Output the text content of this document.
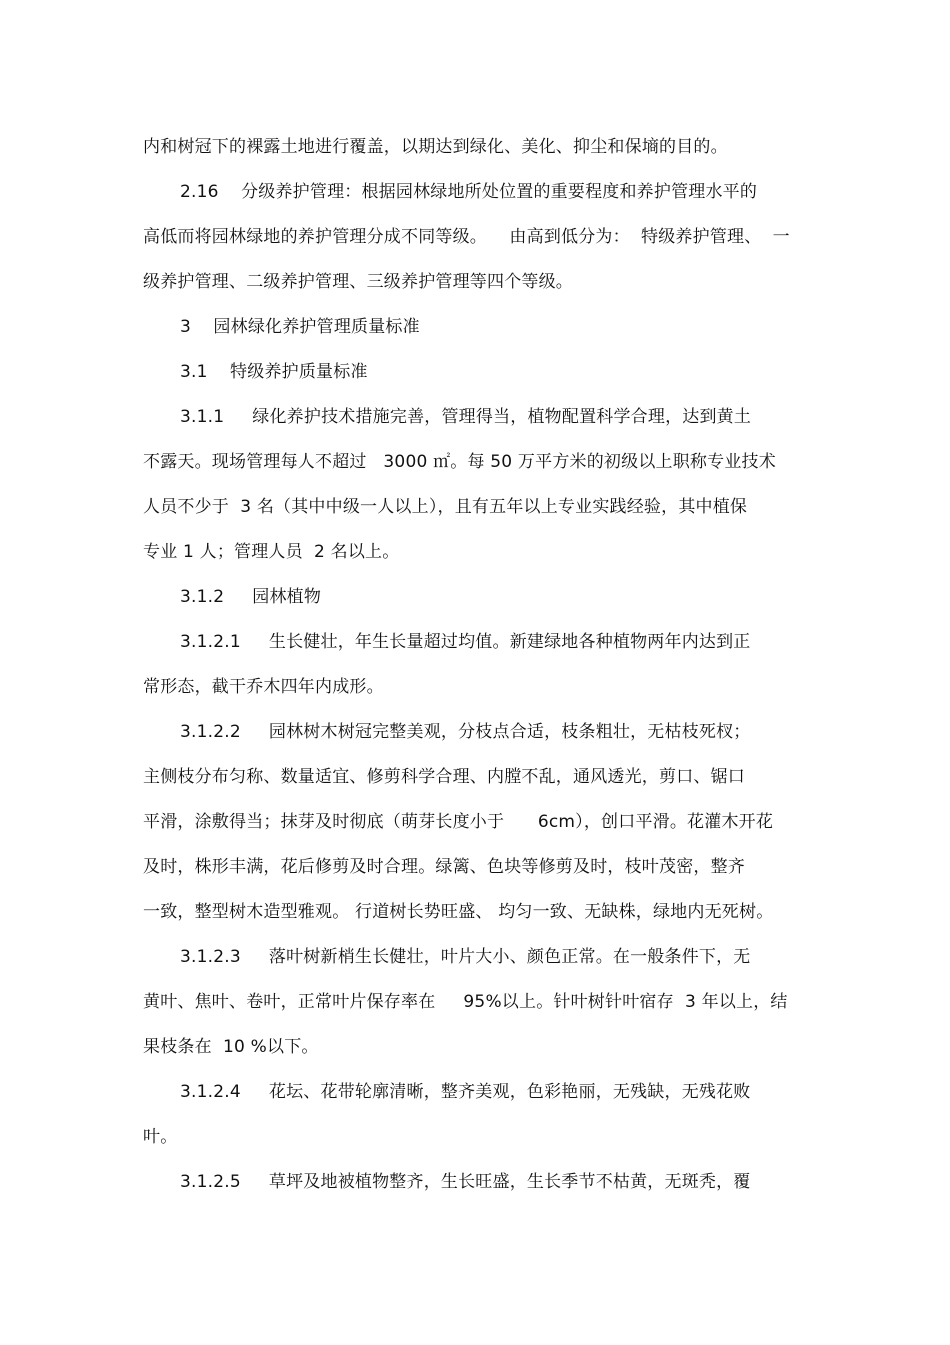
内和树冠下的裸露土地进行覆盖，以期达到绿化、美化、抑尘和保墒的目的。
2.16    分级养护管理：根据园林绿地所处位置的重要程度和养护管理水平的
高低而将园林绿地的养护管理分成不同等级。    由高到低分为：  特级养护管理、  一
级养护管理、二级养护管理、三级养护管理等四个等级。
3    园林绿化养护管理质量标准
3.1    特级养护质量标准
3.1.1     绿化养护技术措施完善，管理得当，植物配置科学合理，达到黄土
不露天。现场管理每人不超过   3000 ㎡。每 50 万平方米的初级以上职称专业技术
人员不少于  3 名（其中中级一人以上），且有五年以上专业实践经验，其中植保
专业 1 人；管理人员  2 名以上。
3.1.2     园林植物
3.1.2.1     生长健壮，年生长量超过均值。新建绿地各种植物两年内达到正
常形态，截干乔木四年内成形。
3.1.2.2     园林树木树冠完整美观，分枝点合适，枝条粗壮，无枯枝死杈；
主侧枝分布匀称、数量适宜、修剪科学合理、内膛不乱，通风透光，剪口、锯口
平滑，涂敷得当；抹芽及时彻底（萌芽长度小于      6cm），创口平滑。花灌木开花
及时，株形丰满，花后修剪及时合理。绿篱、色块等修剪及时，枝叶茂密，整齐
一致，整型树木造型雅观。 行道树长势旺盛、 均匀一致、无缺株，绿地内无死树。
3.1.2.3     落叶树新梢生长健壮，叶片大小、颜色正常。在一般条件下，无
黄叶、焦叶、卷叶，正常叶片保存率在     95%以上。针叶树针叶宿存  3 年以上，结
果枝条在  10 %以下。
3.1.2.4     花坛、花带轮廓清晰，整齐美观，色彩艳丽，无残缺，无残花败
叶。
3.1.2.5     草坪及地被植物整齐，生长旺盛，生长季节不枯黄，无斑秃，覆
